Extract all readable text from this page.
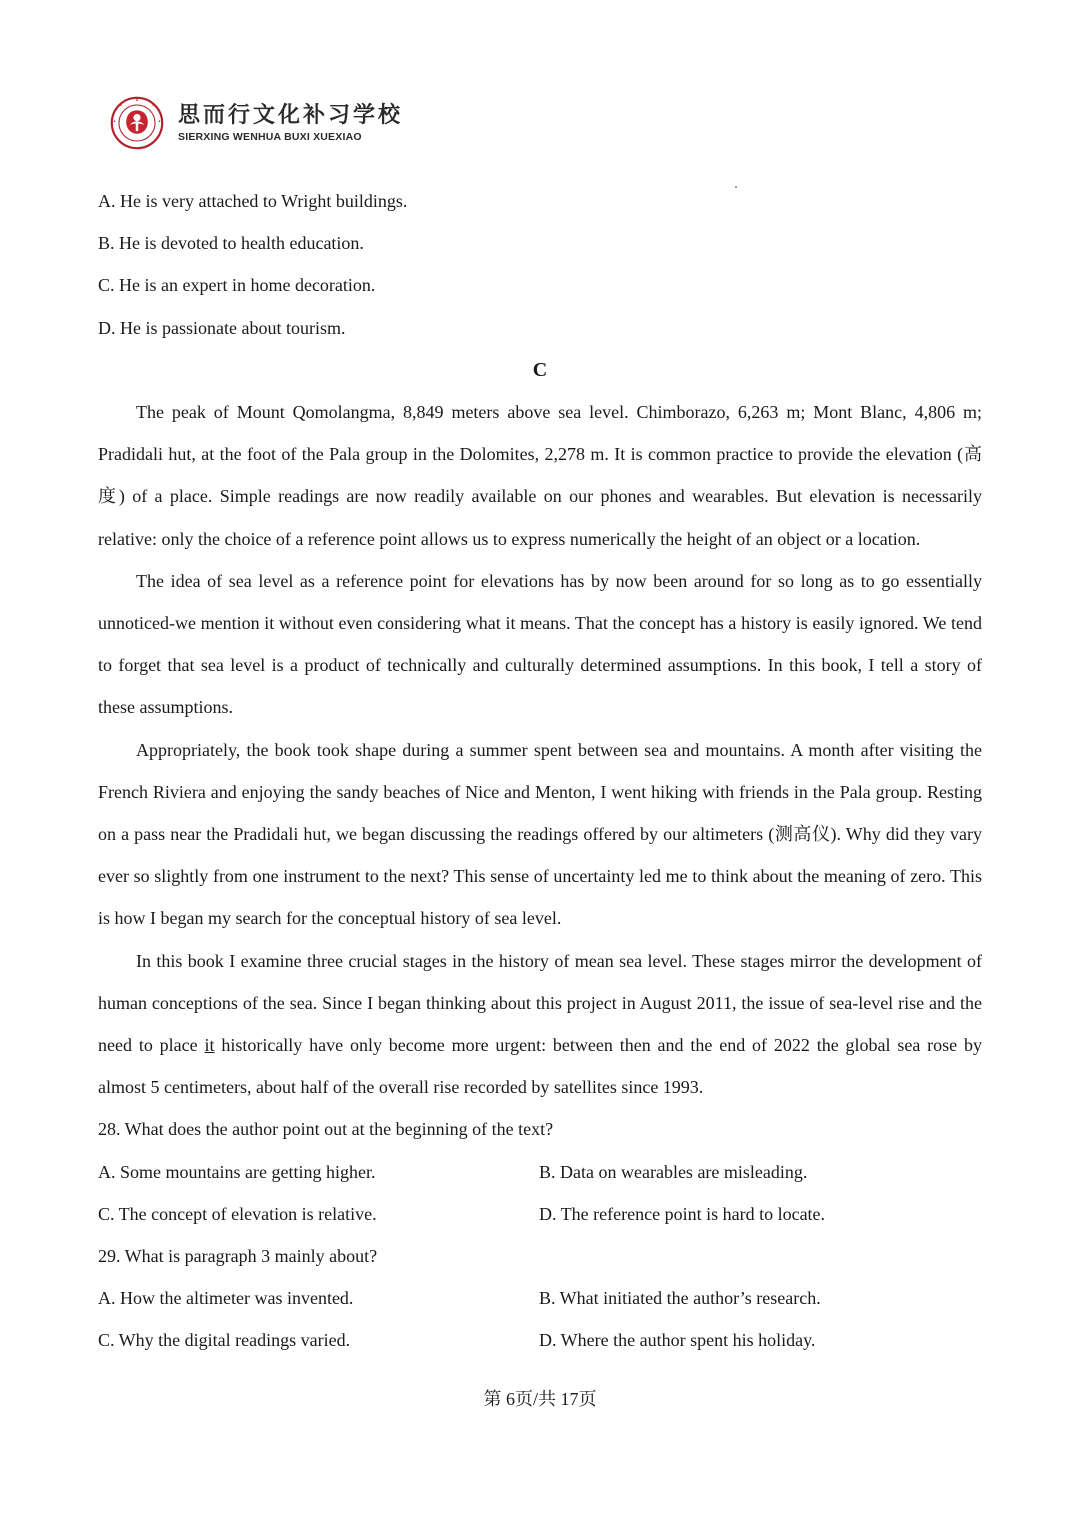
思而行文化补习学校
SIERXING WENHUA BUXI XUEXIAO
A. He is very attached to Wright buildings.
B. He is devoted to health education.
C. He is an expert in home decoration.
D. He is passionate about tourism.
C

The peak of Mount Qomolangma, 8,849 meters above sea level. Chimborazo, 6,263 m; Mont Blanc, 4,806 m; Pradidali hut, at the foot of the Pala group in the Dolomites, 2,278 m. It is common practice to provide the elevation (高度) of a place. Simple readings are now readily available on our phones and wearables. But elevation is necessarily relative: only the choice of a reference point allows us to express numerically the height of an object or a location.

The idea of sea level as a reference point for elevations has by now been around for so long as to go essentially unnoticed-we mention it without even considering what it means. That the concept has a history is easily ignored. We tend to forget that sea level is a product of technically and culturally determined assumptions. In this book, I tell a story of these assumptions.

Appropriately, the book took shape during a summer spent between sea and mountains. A month after visiting the French Riviera and enjoying the sandy beaches of Nice and Menton, I went hiking with friends in the Pala group. Resting on a pass near the Pradidali hut, we began discussing the readings offered by our altimeters (测高仪). Why did they vary ever so slightly from one instrument to the next? This sense of uncertainty led me to think about the meaning of zero. This is how I began my search for the conceptual history of sea level.

In this book I examine three crucial stages in the history of mean sea level. These stages mirror the development of human conceptions of the sea. Since I began thinking about this project in August 2011, the issue of sea-level rise and the need to place it historically have only become more urgent: between then and the end of 2022 the global sea rose by almost 5 centimeters, about half of the overall rise recorded by satellites since 1993.

28. What does the author point out at the beginning of the text?
A. Some mountains are getting higher.	B. Data on wearables are misleading.
C. The concept of elevation is relative.	D. The reference point is hard to locate.
29. What is paragraph 3 mainly about?
A. How the altimeter was invented.	B. What initiated the author’s research.
C. Why the digital readings varied.	D. Where the author spent his holiday.
第 6页/共 17页
